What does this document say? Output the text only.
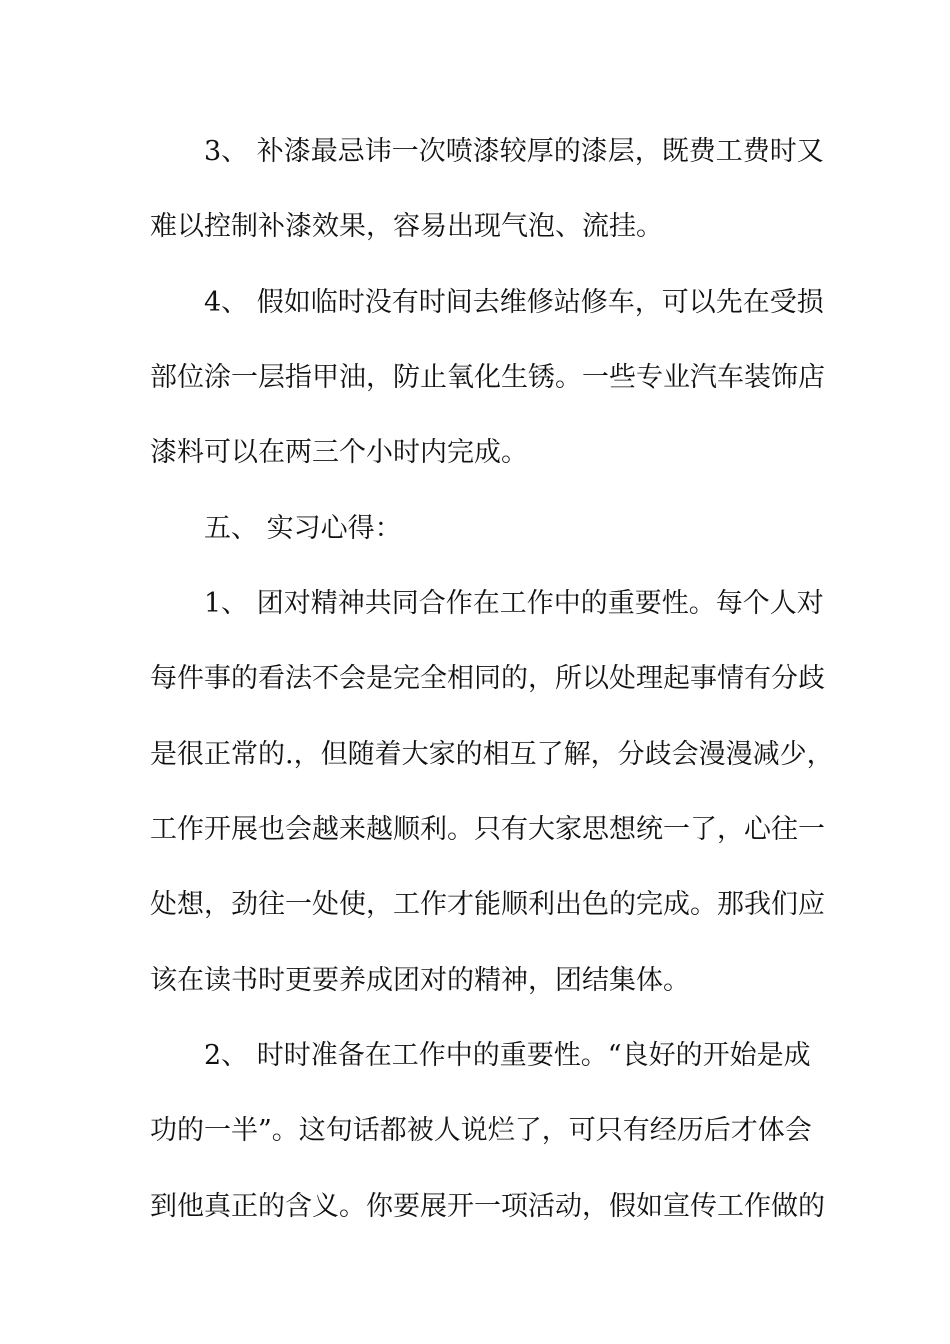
3、 补漆最忌讳一次喷漆较厚的漆层，既费工费时又
难以控制补漆效果，容易出现气泡、流挂。
4、 假如临时没有时间去维修站修车，可以先在受损
部位涂一层指甲油，防止氧化生锈。一些专业汽车装饰店
漆料可以在两三个小时内完成。
五、 实习心得：
1、 团对精神共同合作在工作中的重要性。每个人对
每件事的看法不会是完全相同的，所以处理起事情有分歧
是很正常的.，但随着大家的相互了解，分歧会漫漫减少，
工作开展也会越来越顺利。只有大家思想统一了，心往一
处想，劲往一处使，工作才能顺利出色的完成。那我们应
该在读书时更要养成团对的精神，团结集体。
2、 时时准备在工作中的重要性。“良好的开始是成
功的一半”。这句话都被人说烂了，可只有经历后才体会
到他真正的含义。你要展开一项活动，假如宣传工作做的
